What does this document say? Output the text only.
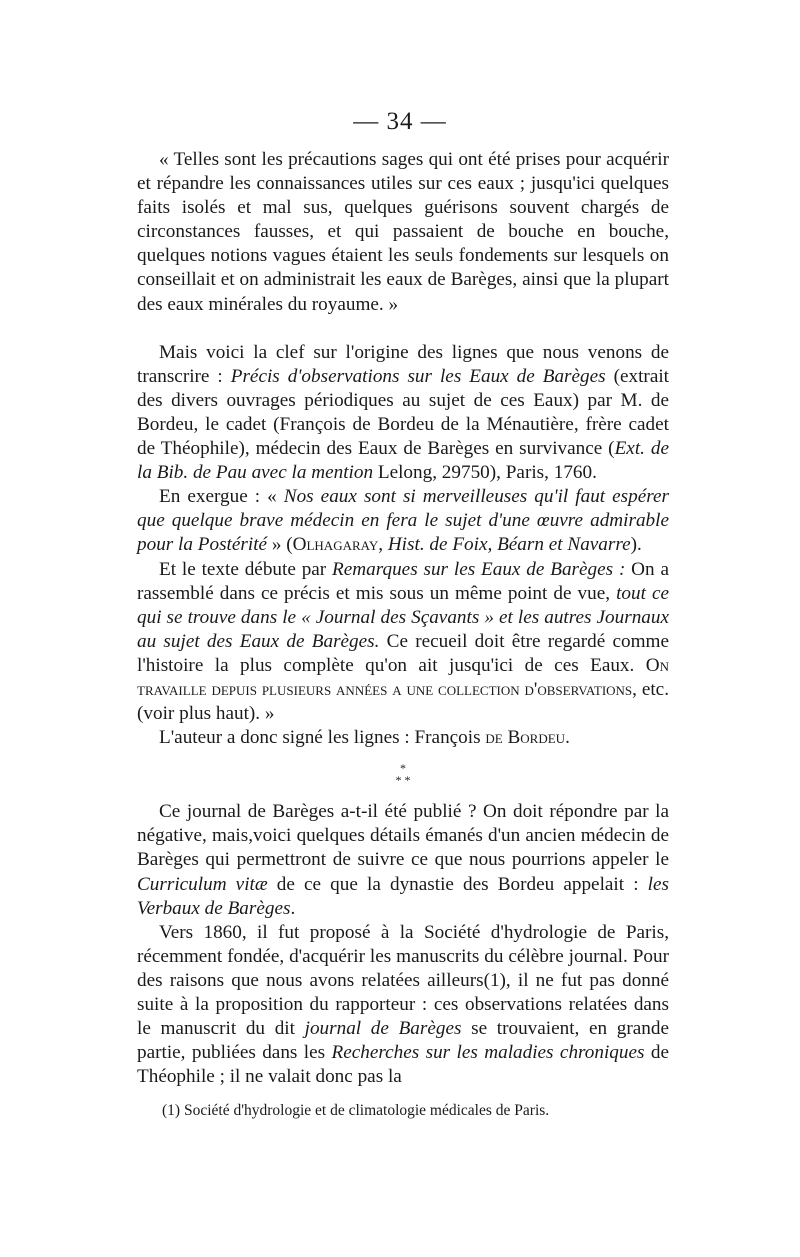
— 34 —

« Telles sont les précautions sages qui ont été prises pour acquérir et répandre les connaissances utiles sur ces eaux ; jusqu'ici quelques faits isolés et mal sus, quelques guérisons souvent chargés de circonstances fausses, et qui passaient de bouche en bouche, quelques notions vagues étaient les seuls fondements sur lesquels on conseillait et on administrait les eaux de Barèges, ainsi que la plupart des eaux minérales du royaume. »

Mais voici la clef sur l'origine des lignes que nous venons de transcrire : Précis d'observations sur les Eaux de Barèges (extrait des divers ouvrages périodiques au sujet de ces Eaux) par M. de Bordeu, le cadet (François de Bordeu de la Ménautière, frère cadet de Théophile), médecin des Eaux de Barèges en survivance (Ext. de la Bib. de Pau avec la mention Lelong, 29750), Paris, 1760.

En exergue : « Nos eaux sont si merveilleuses qu'il faut espérer que quelque brave médecin en fera le sujet d'une œuvre admirable pour la Postérité » (Olhagaray, Hist. de Foix, Béarn et Navarre).

Et le texte débute par Remarques sur les Eaux de Barèges : On a rassemblé dans ce précis et mis sous un même point de vue, tout ce qui se trouve dans le « Journal des Sçavants » et les autres Journaux au sujet des Eaux de Barèges. Ce recueil doit être regardé comme l'histoire la plus complète qu'on ait jusqu'ici de ces Eaux. On travaille depuis plusieurs années a une collection d'observations, etc. (voir plus haut). »

L'auteur a donc signé les lignes : François de Bordeu.

*
* *

Ce journal de Barèges a-t-il été publié ? On doit répondre par la négative, mais,voici quelques détails émanés d'un ancien médecin de Barèges qui permettront de suivre ce que nous pourrions appeler le Curriculum vitæ de ce que la dynastie des Bordeu appelait : les Verbaux de Barèges.

Vers 1860, il fut proposé à la Société d'hydrologie de Paris, récemment fondée, d'acquérir les manuscrits du célèbre journal. Pour des raisons que nous avons relatées ailleurs(1), il ne fut pas donné suite à la proposition du rapporteur : ces observations relatées dans le manuscrit du dit journal de Barèges se trouvaient, en grande partie, publiées dans les Recherches sur les maladies chroniques de Théophile ; il ne valait donc pas la

(1) Société d'hydrologie et de climatologie médicales de Paris.
